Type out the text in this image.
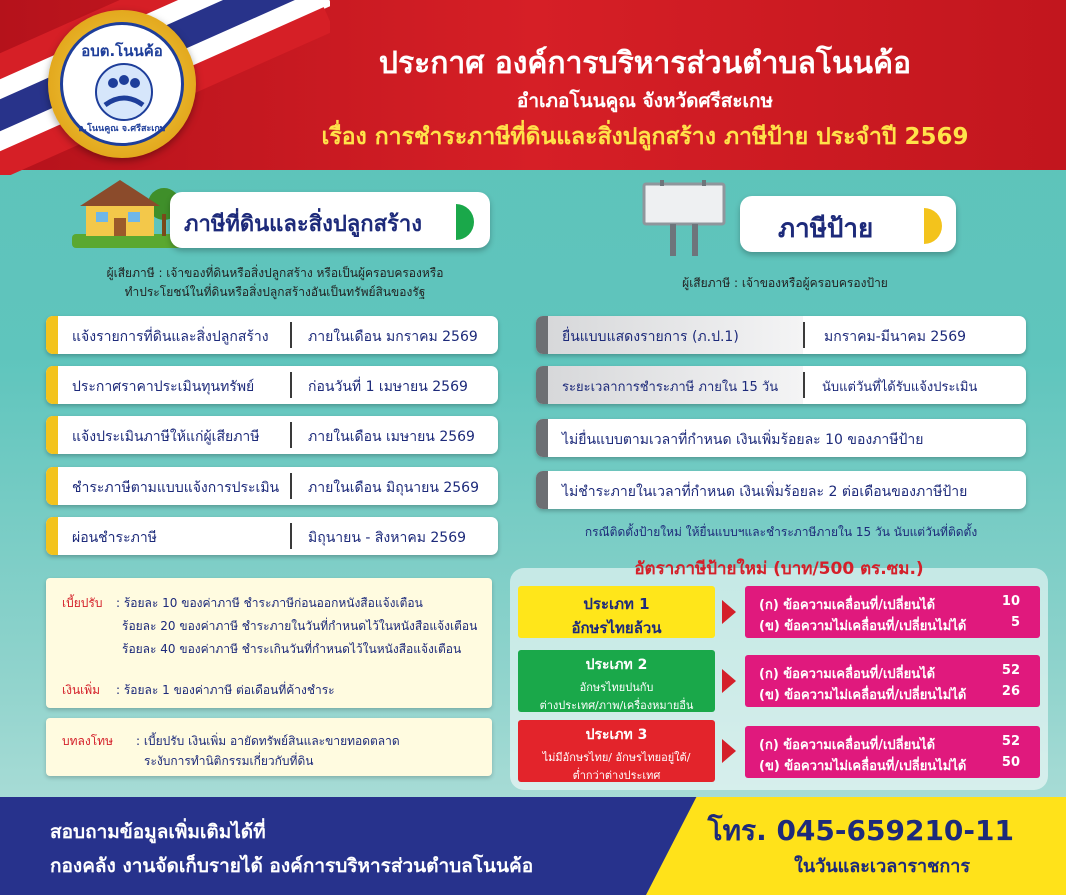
อบต.โนนค้อ
อ.โนนคูณ จ.ศรีสะเกษ
ประกาศ องค์การบริหารส่วนตำบลโนนค้อ
อำเภอโนนคูณ จังหวัดศรีสะเกษ
เรื่อง การชำระภาษีที่ดินและสิ่งปลูกสร้าง ภาษีป้าย ประจำปี 2569
ภาษีที่ดินและสิ่งปลูกสร้าง
ผู้เสียภาษี : เจ้าของที่ดินหรือสิ่งปลูกสร้าง หรือเป็นผู้ครอบครองหรือ
ทำประโยชน์ในที่ดินหรือสิ่งปลูกสร้างอันเป็นทรัพย์สินของรัฐ
แจ้งรายการที่ดินและสิ่งปลูกสร้าง	ภายในเดือน มกราคม 2569
ประกาศราคาประเมินทุนทรัพย์	ก่อนวันที่ 1 เมษายน 2569
แจ้งประเมินภาษีให้แก่ผู้เสียภาษี	ภายในเดือน เมษายน 2569
ชำระภาษีตามแบบแจ้งการประเมิน ภายในเดือน มิถุนายน 2569
ผ่อนชำระภาษี	มิถุนายน - สิงหาคม 2569
เบี้ยปรับ : ร้อยละ 10 ของค่าภาษี ชำระภาษีก่อนออกหนังสือแจ้งเตือน
ร้อยละ 20 ของค่าภาษี ชำระภายในวันที่กำหนดไว้ในหนังสือแจ้งเตือน
ร้อยละ 40 ของค่าภาษี ชำระเกินวันที่กำหนดไว้ในหนังสือแจ้งเตือน
เงินเพิ่ม : ร้อยละ 1 ของค่าภาษี ต่อเดือนที่ค้างชำระ
บทลงโทษ : เบี้ยปรับ เงินเพิ่ม อายัดทรัพย์สินและขายทอดตลาด
ระงับการทำนิติกรรมเกี่ยวกับที่ดิน
ภาษีป้าย
ผู้เสียภาษี : เจ้าของหรือผู้ครอบครองป้าย
ยื่นแบบแสดงรายการ (ภ.ป.1)	มกราคม-มีนาคม 2569
ระยะเวลาการชำระภาษี ภายใน 15 วัน	นับแต่วันที่ได้รับแจ้งประเมิน
ไม่ยื่นแบบตามเวลาที่กำหนด เงินเพิ่มร้อยละ 10 ของภาษีป้าย
ไม่ชำระภายในเวลาที่กำหนด เงินเพิ่มร้อยละ 2 ต่อเดือนของภาษีป้าย
กรณีติดตั้งป้ายใหม่ ให้ยื่นแบบฯและชำระภาษีภายใน 15 วัน นับแต่วันที่ติดตั้ง
อัตราภาษีป้ายใหม่ (บาท/500 ตร.ซม.)
ประเภท 1
อักษรไทยล้วน
(ก) ข้อความเคลื่อนที่/เปลี่ยนได้	10
(ข) ข้อความไม่เคลื่อนที่/เปลี่ยนไม่ได้	5
ประเภท 2
อักษรไทยปนกับ
ต่างประเทศ/ภาพ/เครื่องหมายอื่น
(ก) ข้อความเคลื่อนที่/เปลี่ยนได้	52
(ข) ข้อความไม่เคลื่อนที่/เปลี่ยนไม่ได้	26
ประเภท 3
ไม่มีอักษรไทย/ อักษรไทยอยู่ใต้/
ต่ำกว่าต่างประเทศ
(ก) ข้อความเคลื่อนที่/เปลี่ยนได้	52
(ข) ข้อความไม่เคลื่อนที่/เปลี่ยนไม่ได้	50
สอบถามข้อมูลเพิ่มเติมได้ที่
กองคลัง งานจัดเก็บรายได้ องค์การบริหารส่วนตำบลโนนค้อ
โทร. 045-659210-11
ในวันและเวลาราชการ
